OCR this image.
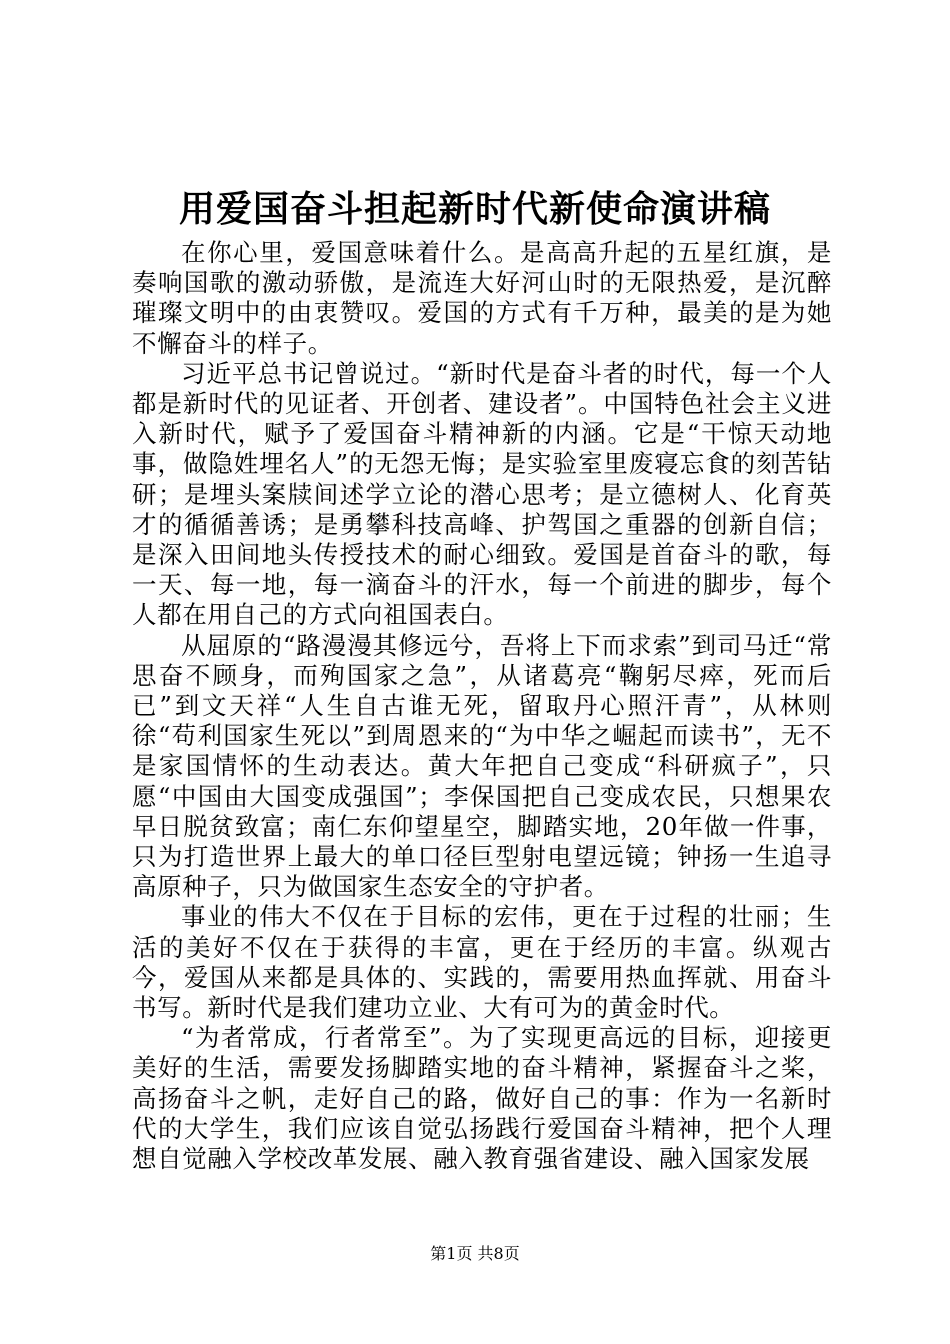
用爱国奋斗担起新时代新使命演讲稿

在你心里，爱国意味着什么。是高高升起的五星红旗，是奏响国歌的激动骄傲，是流连大好河山时的无限热爱，是沉醉璀璨文明中的由衷赞叹。爱国的方式有千万种，最美的是为她不懈奋斗的样子。

习近平总书记曾说过。“新时代是奋斗者的时代，每一个人都是新时代的见证者、开创者、建设者”。中国特色社会主义进入新时代，赋予了爱国奋斗精神新的内涵。它是“干惊天动地事，做隐姓埋名人”的无怨无悔；是实验室里废寝忘食的刻苦钻研；是埋头案牍间述学立论的潜心思考；是立德树人、化育英才的循循善诱；是勇攀科技高峰、护驾国之重器的创新自信；是深入田间地头传授技术的耐心细致。爱国是首奋斗的歌，每一天、每一地，每一滴奋斗的汗水，每一个前进的脚步，每个人都在用自己的方式向祖国表白。

从屈原的“路漫漫其修远兮，吾将上下而求索”到司马迁“常思奋不顾身，而殉国家之急”，从诸葛亮“鞠躬尽瘁，死而后已”到文天祥“人生自古谁无死，留取丹心照汗青”，从林则徐“苟利国家生死以”到周恩来的“为中华之崛起而读书”，无不是家国情怀的生动表达。黄大年把自己变成“科研疯子”，只愿“中国由大国变成强国”；李保国把自己变成农民，只想果农早日脱贫致富；南仁东仰望星空，脚踏实地，20年做一件事，只为打造世界上最大的单口径巨型射电望远镜；钟扬一生追寻高原种子，只为做国家生态安全的守护者。

事业的伟大不仅在于目标的宏伟，更在于过程的壮丽；生活的美好不仅在于获得的丰富，更在于经历的丰富。纵观古今，爱国从来都是具体的、实践的，需要用热血挥就、用奋斗书写。新时代是我们建功立业、大有可为的黄金时代。

“为者常成，行者常至”。为了实现更高远的目标，迎接更美好的生活，需要发扬脚踏实地的奋斗精神，紧握奋斗之桨，高扬奋斗之帆，走好自己的路，做好自己的事：作为一名新时代的大学生，我们应该自觉弘扬践行爱国奋斗精神，把个人理想自觉融入学校改革发展、融入教育强省建设、融入国家发展

第1页 共8页
